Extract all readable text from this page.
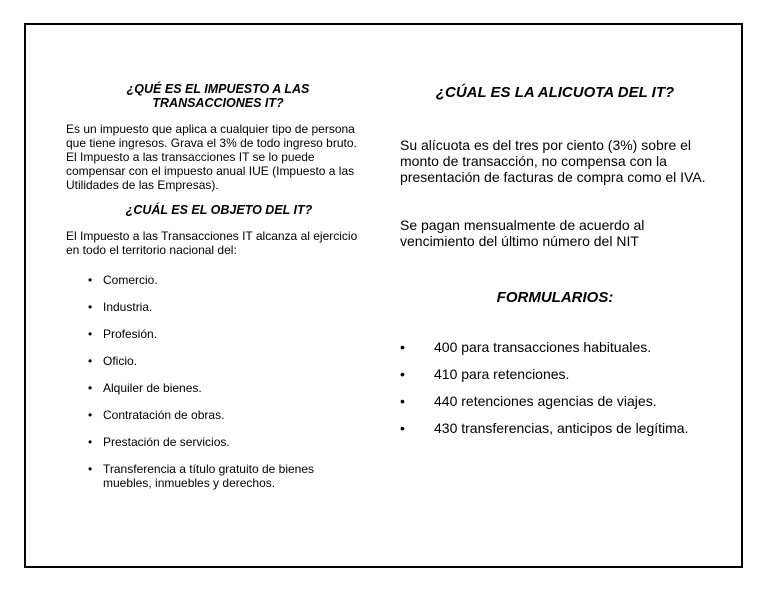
¿QUÉ ES EL IMPUESTO A LAS TRANSACCIONES IT?

Es un impuesto que aplica a cualquier tipo de persona que tiene ingresos. Grava el 3% de todo ingreso bruto. El Impuesto a las transacciones IT se lo puede compensar con el impuesto anual IUE (Impuesto a las Utilidades de las Empresas).

¿CUÁL ES EL OBJETO DEL IT?

El Impuesto a las Transacciones IT alcanza al ejercicio en todo el territorio nacional del:

• Comercio.
• Industria.
• Profesión.
• Oficio.
• Alquiler de bienes.
• Contratación de obras.
• Prestación de servicios.
• Transferencia a título gratuito de bienes muebles, inmuebles y derechos.
¿CÚAL ES LA ALICUOTA DEL IT?

Su alícuota es del tres por ciento (3%) sobre el monto de transacción, no compensa con la presentación de facturas de compra como el IVA.

Se pagan mensualmente de acuerdo al vencimiento del último número del NIT

FORMULARIOS:
• 400 para transacciones habituales.
• 410 para retenciones.
• 440 retenciones agencias de viajes.
• 430 transferencias, anticipos de legítima.
